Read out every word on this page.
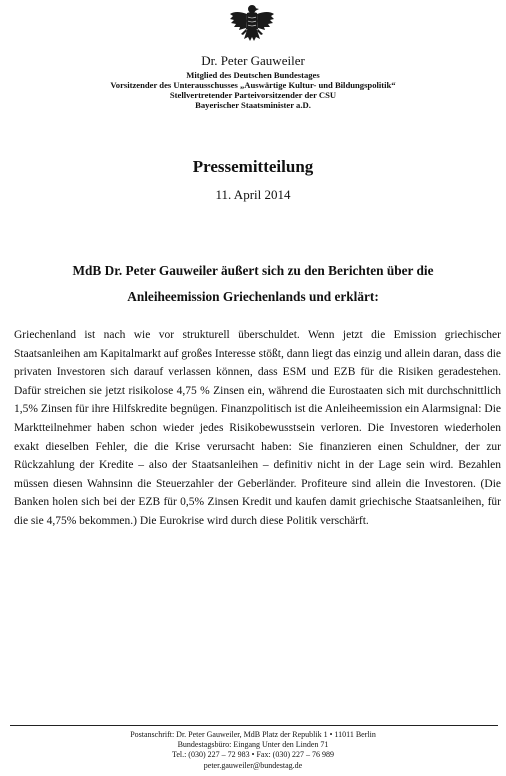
Dr. Peter Gauweiler
Mitglied des Deutschen Bundestages
Vorsitzender des Unterausschusses „Auswärtige Kultur- und Bildungspolitik“
Stellvertretender Parteivorsitzender der CSU
Bayerischer Staatsminister a.D.
Pressemitteilung
11. April 2014
MdB Dr. Peter Gauweiler äußert sich zu den Berichten über die
Anleiheemission Griechenlands und erklärt:

Griechenland ist nach wie vor strukturell überschuldet. Wenn jetzt die Emission griechischer Staatsanleihen am Kapitalmarkt auf großes Interesse stößt, dann liegt das einzig und allein daran, dass die privaten Investoren sich darauf verlassen können, dass ESM und EZB für die Risiken geradestehen. Dafür streichen sie jetzt risikolose 4,75 % Zinsen ein, während die Eurostaaten sich mit durchschnittlich 1,5% Zinsen für ihre Hilfskredite begnügen. Finanzpolitisch ist die Anleiheemission ein Alarmsignal: Die Marktteilnehmer haben schon wieder jedes Risikobewusstsein verloren. Die Investoren wiederholen exakt dieselben Fehler, die die Krise verursacht haben: Sie finanzieren einen Schuldner, der zur Rückzahlung der Kredite – also der Staatsanleihen – definitiv nicht in der Lage sein wird. Bezahlen müssen diesen Wahnsinn die Steuerzahler der Geberländer. Profiteure sind allein die Investoren. (Die Banken holen sich bei der EZB für 0,5% Zinsen Kredit und kaufen damit griechische Staatsanleihen, für die sie 4,75% bekommen.) Die Eurokrise wird durch diese Politik verschärft.

Postanschrift: Dr. Peter Gauweiler, MdB Platz der Republik 1 • 11011 Berlin
Bundestagsbüro: Eingang Unter den Linden 71
Tel.: (030) 227 – 72 983 • Fax: (030) 227 – 76 989
peter.gauweiler@bundestag.de
